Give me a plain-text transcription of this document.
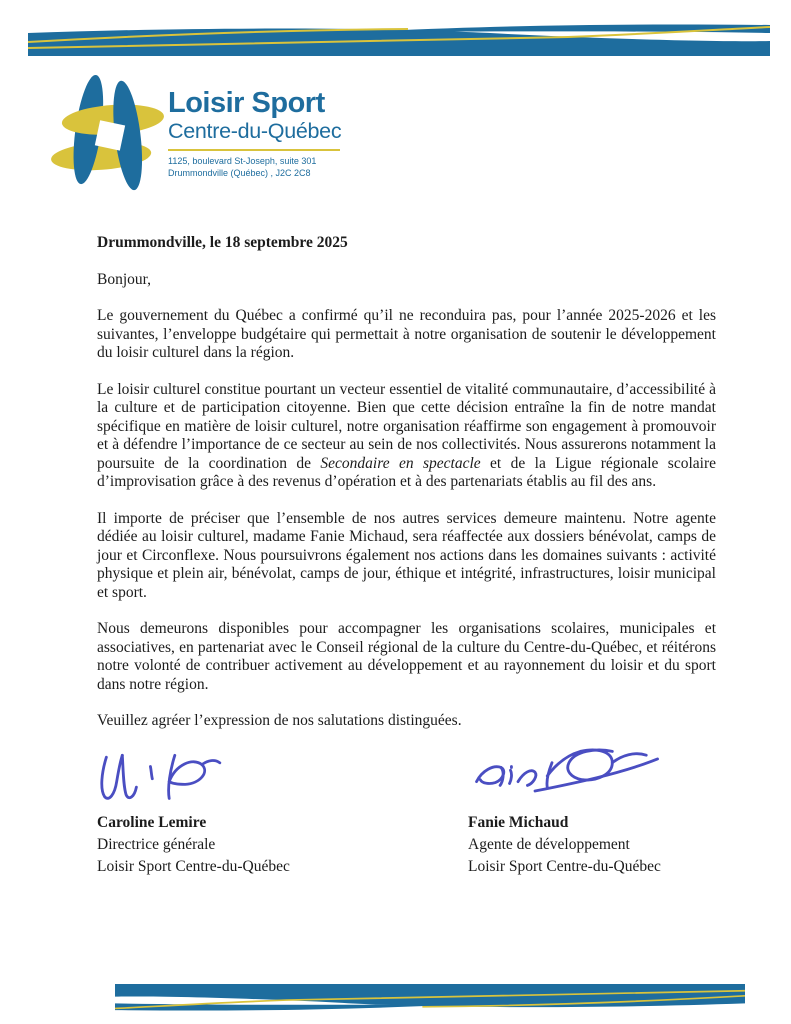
Loisir Sport
Centre-du-Québec
1125, boulevard St-Joseph, suite 301
Drummondville (Québec) , J2C 2C8

Drummondville, le 18 septembre 2025

Bonjour,

Le gouvernement du Québec a confirmé qu’il ne reconduira pas, pour l’année 2025-2026 et les suivantes, l’enveloppe budgétaire qui permettait à notre organisation de soutenir le développement du loisir culturel dans la région.

Le loisir culturel constitue pourtant un vecteur essentiel de vitalité communautaire, d’accessibilité à la culture et de participation citoyenne. Bien que cette décision entraîne la fin de notre mandat spécifique en matière de loisir culturel, notre organisation réaffirme son engagement à promouvoir et à défendre l’importance de ce secteur au sein de nos collectivités. Nous assurerons notamment la poursuite de la coordination de Secondaire en spectacle et de la Ligue régionale scolaire d’improvisation grâce à des revenus d’opération et à des partenariats établis au fil des ans.

Il importe de préciser que l’ensemble de nos autres services demeure maintenu. Notre agente dédiée au loisir culturel, madame Fanie Michaud, sera réaffectée aux dossiers bénévolat, camps de jour et Circonflexe. Nous poursuivrons également nos actions dans les domaines suivants : activité physique et plein air, bénévolat, camps de jour, éthique et intégrité, infrastructures, loisir municipal et sport.

Nous demeurons disponibles pour accompagner les organisations scolaires, municipales et associatives, en partenariat avec le Conseil régional de la culture du Centre-du-Québec, et réitérons notre volonté de contribuer activement au développement et au rayonnement du loisir et du sport dans notre région.

Veuillez agréer l’expression de nos salutations distinguées.

Caroline Lemire
Directrice générale
Loisir Sport Centre-du-Québec
Fanie Michaud
Agente de développement
Loisir Sport Centre-du-Québec
